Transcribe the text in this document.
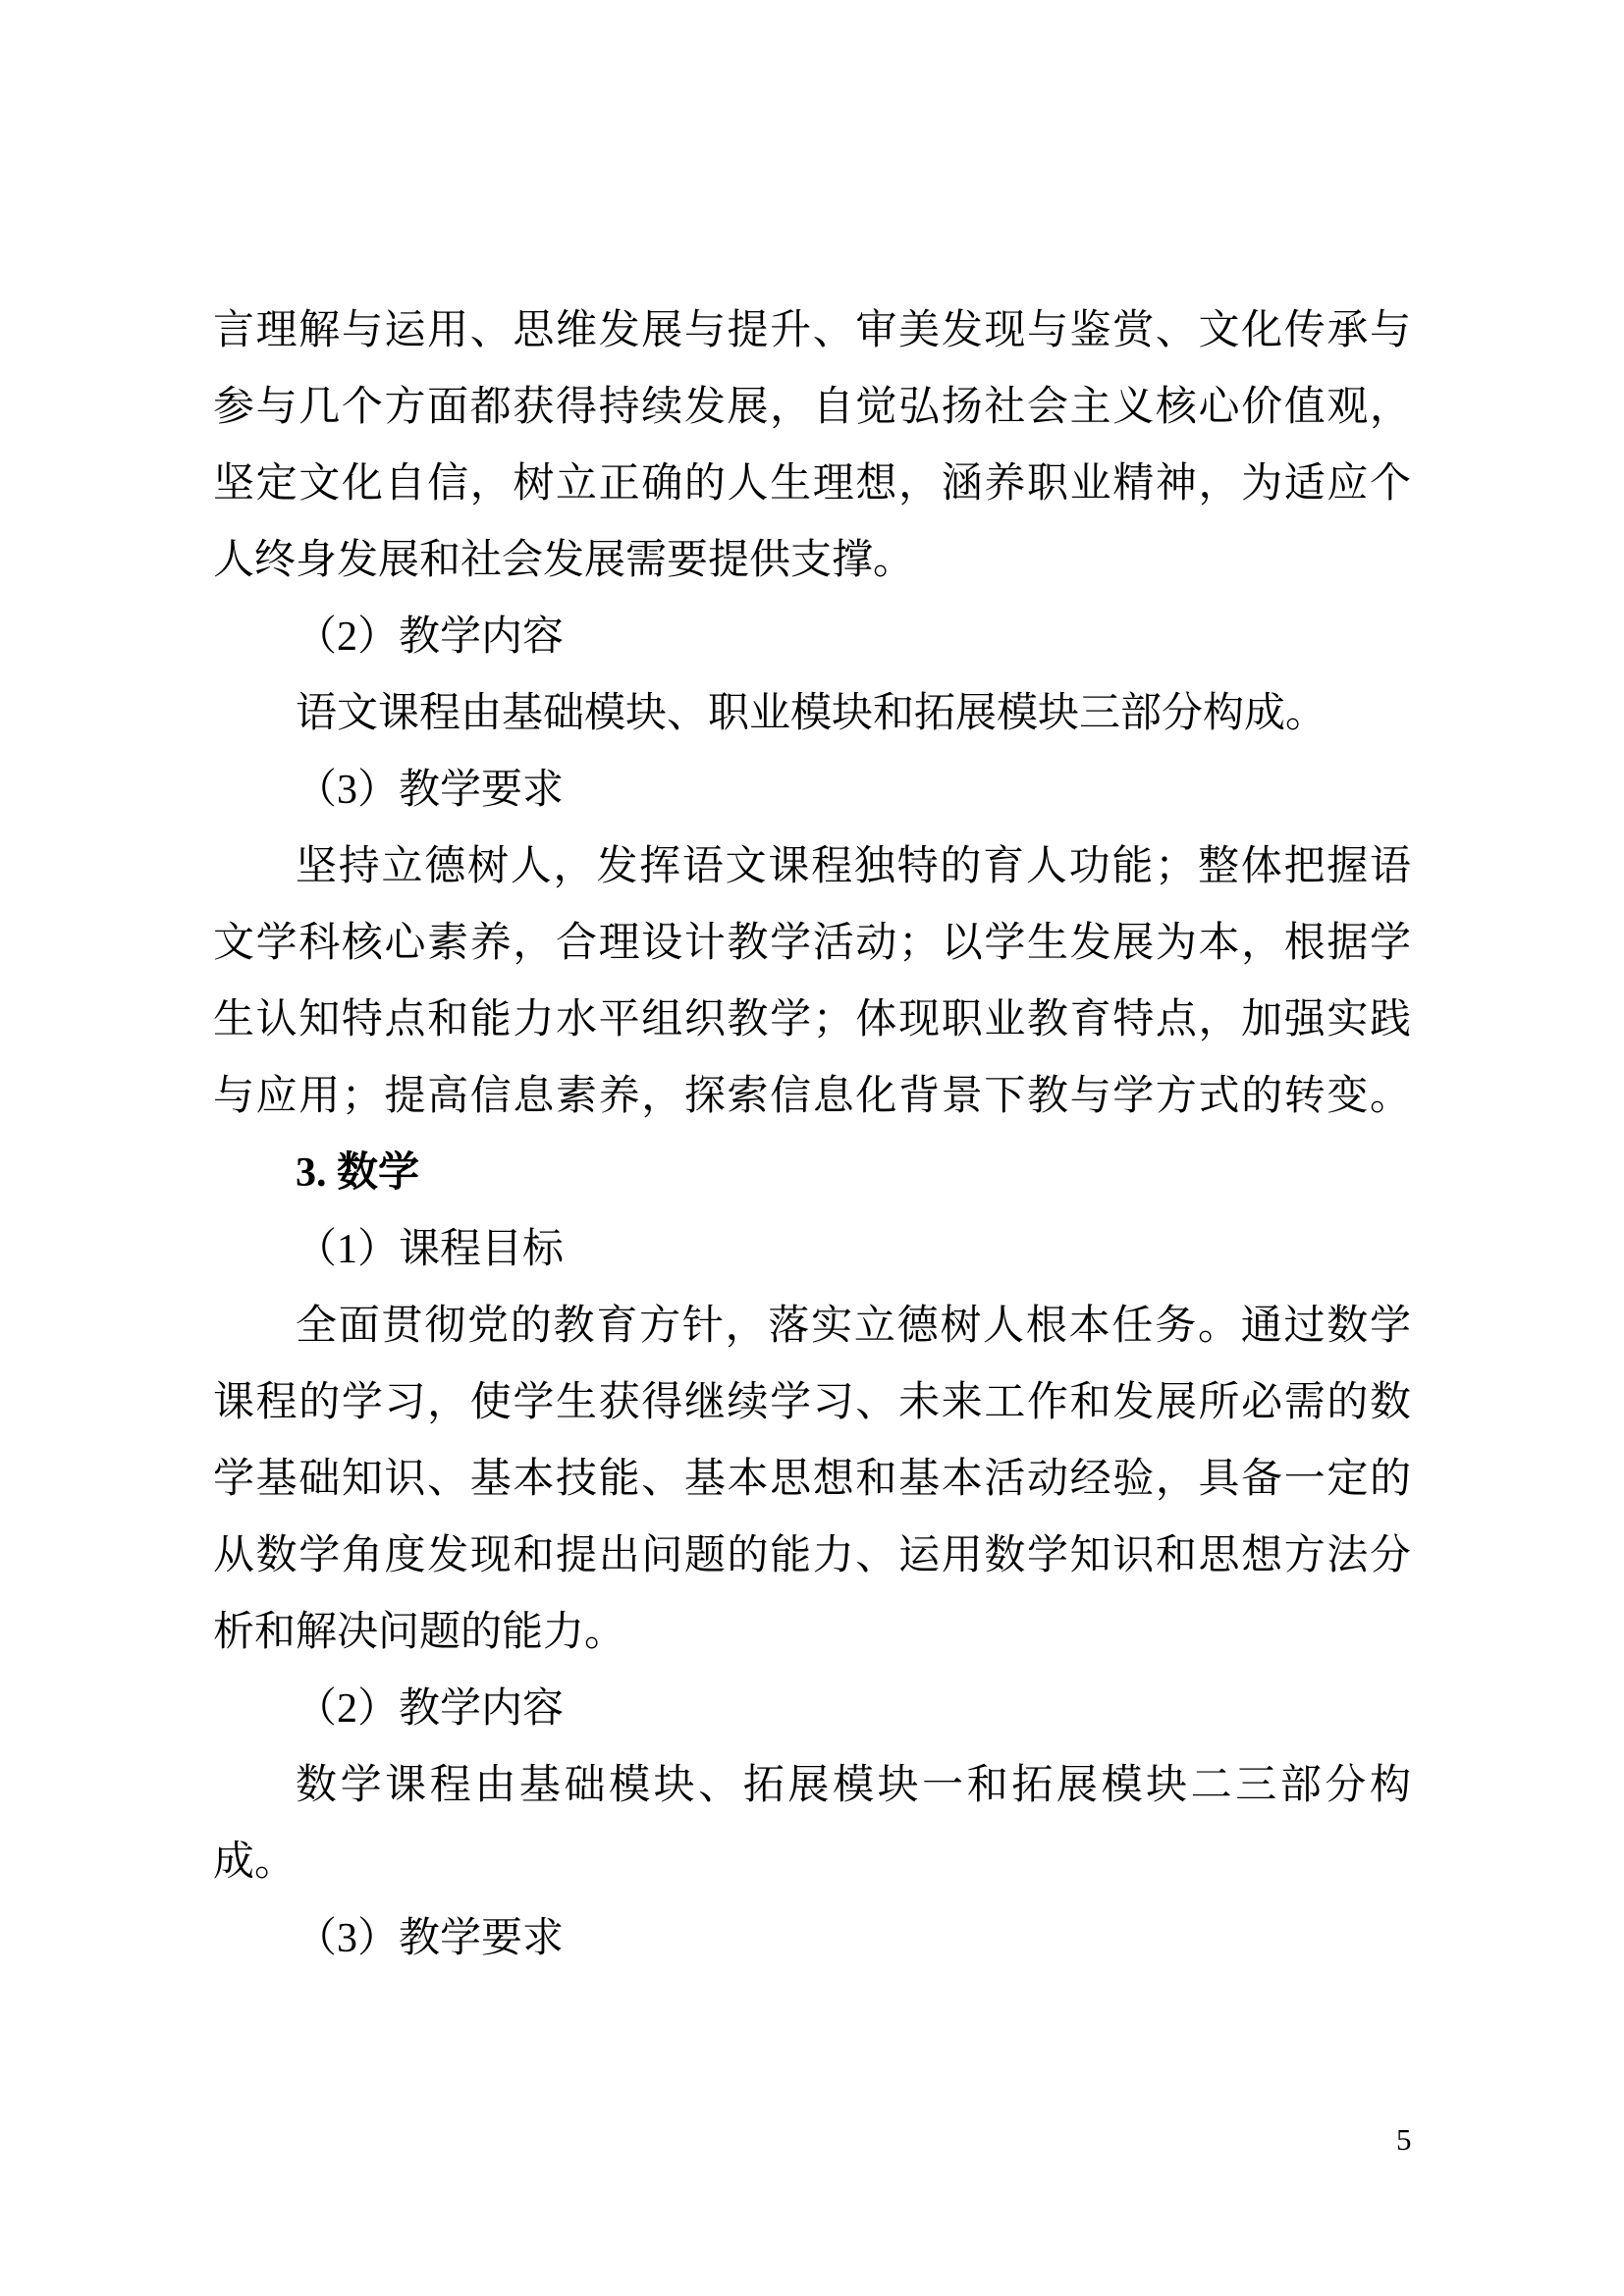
言理解与运用、思维发展与提升、审美发现与鉴赏、文化传承与
参与几个方面都获得持续发展，自觉弘扬社会主义核心价值观，
坚定文化自信，树立正确的人生理想，涵养职业精神，为适应个
人终身发展和社会发展需要提供支撑。
（2）教学内容
语文课程由基础模块、职业模块和拓展模块三部分构成。
（3）教学要求
坚持立德树人，发挥语文课程独特的育人功能；整体把握语
文学科核心素养，合理设计教学活动；以学生发展为本，根据学
生认知特点和能力水平组织教学；体现职业教育特点，加强实践
与应用；提高信息素养，探索信息化背景下教与学方式的转变。
3. 数学
（1）课程目标
全面贯彻党的教育方针，落实立德树人根本任务。通过数学
课程的学习，使学生获得继续学习、未来工作和发展所必需的数
学基础知识、基本技能、基本思想和基本活动经验，具备一定的
从数学角度发现和提出问题的能力、运用数学知识和思想方法分
析和解决问题的能力。
（2）教学内容
数学课程由基础模块、拓展模块一和拓展模块二三部分构
成。
（3）教学要求
5
